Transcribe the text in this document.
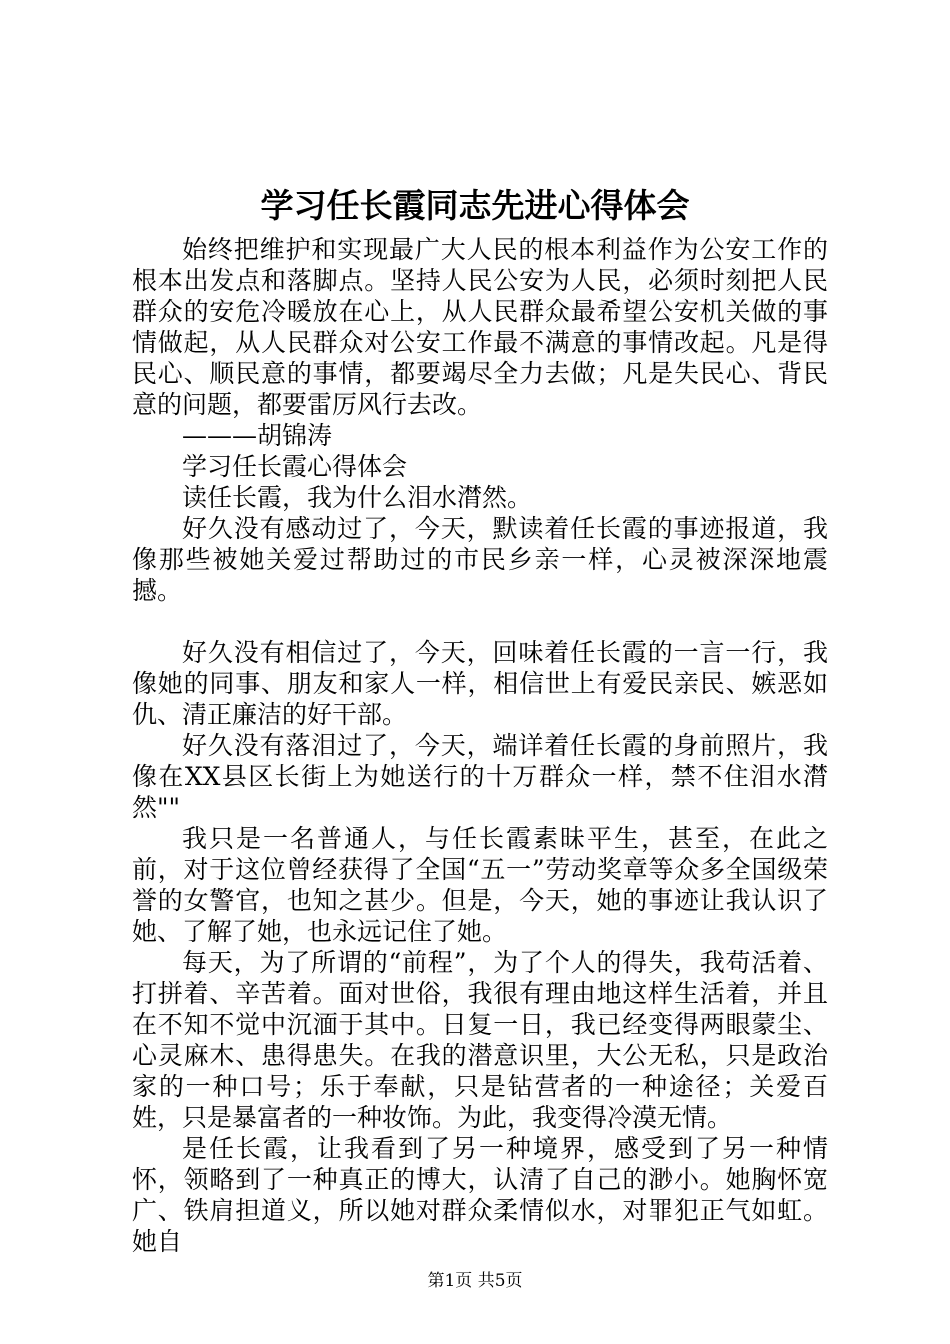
学习任长霞同志先进心得体会

始终把维护和实现最广大人民的根本利益作为公安工作的根本出发点和落脚点。坚持人民公安为人民，必须时刻把人民群众的安危冷暖放在心上，从人民群众最希望公安机关做的事情做起，从人民群众对公安工作最不满意的事情改起。凡是得民心、顺民意的事情，都要竭尽全力去做；凡是失民心、背民意的问题，都要雷厉风行去改。

———胡锦涛

学习任长霞心得体会

读任长霞，我为什么泪水潸然。

好久没有感动过了，今天，默读着任长霞的事迹报道，我像那些被她关爱过帮助过的市民乡亲一样，心灵被深深地震撼。

好久没有相信过了，今天，回味着任长霞的一言一行，我像她的同事、朋友和家人一样，相信世上有爱民亲民、嫉恶如仇、清正廉洁的好干部。

好久没有落泪过了，今天，端详着任长霞的身前照片，我像在XX县区长街上为她送行的十万群众一样，禁不住泪水潸然""

我只是一名普通人，与任长霞素昧平生，甚至，在此之前，对于这位曾经获得了全国“五一”劳动奖章等众多全国级荣誉的女警官，也知之甚少。但是，今天，她的事迹让我认识了她、了解了她，也永远记住了她。

每天，为了所谓的“前程”，为了个人的得失，我苟活着、打拼着、辛苦着。面对世俗，我很有理由地这样生活着，并且在不知不觉中沉湎于其中。日复一日，我已经变得两眼蒙尘、心灵麻木、患得患失。在我的潜意识里，大公无私，只是政治家的一种口号；乐于奉献，只是钻营者的一种途径；关爱百姓，只是暴富者的一种妆饰。为此，我变得冷漠无情。

是任长霞，让我看到了另一种境界，感受到了另一种情怀，领略到了一种真正的博大，认清了自己的渺小。她胸怀宽广、铁肩担道义，所以她对群众柔情似水，对罪犯正气如虹。她自

第1页 共5页
